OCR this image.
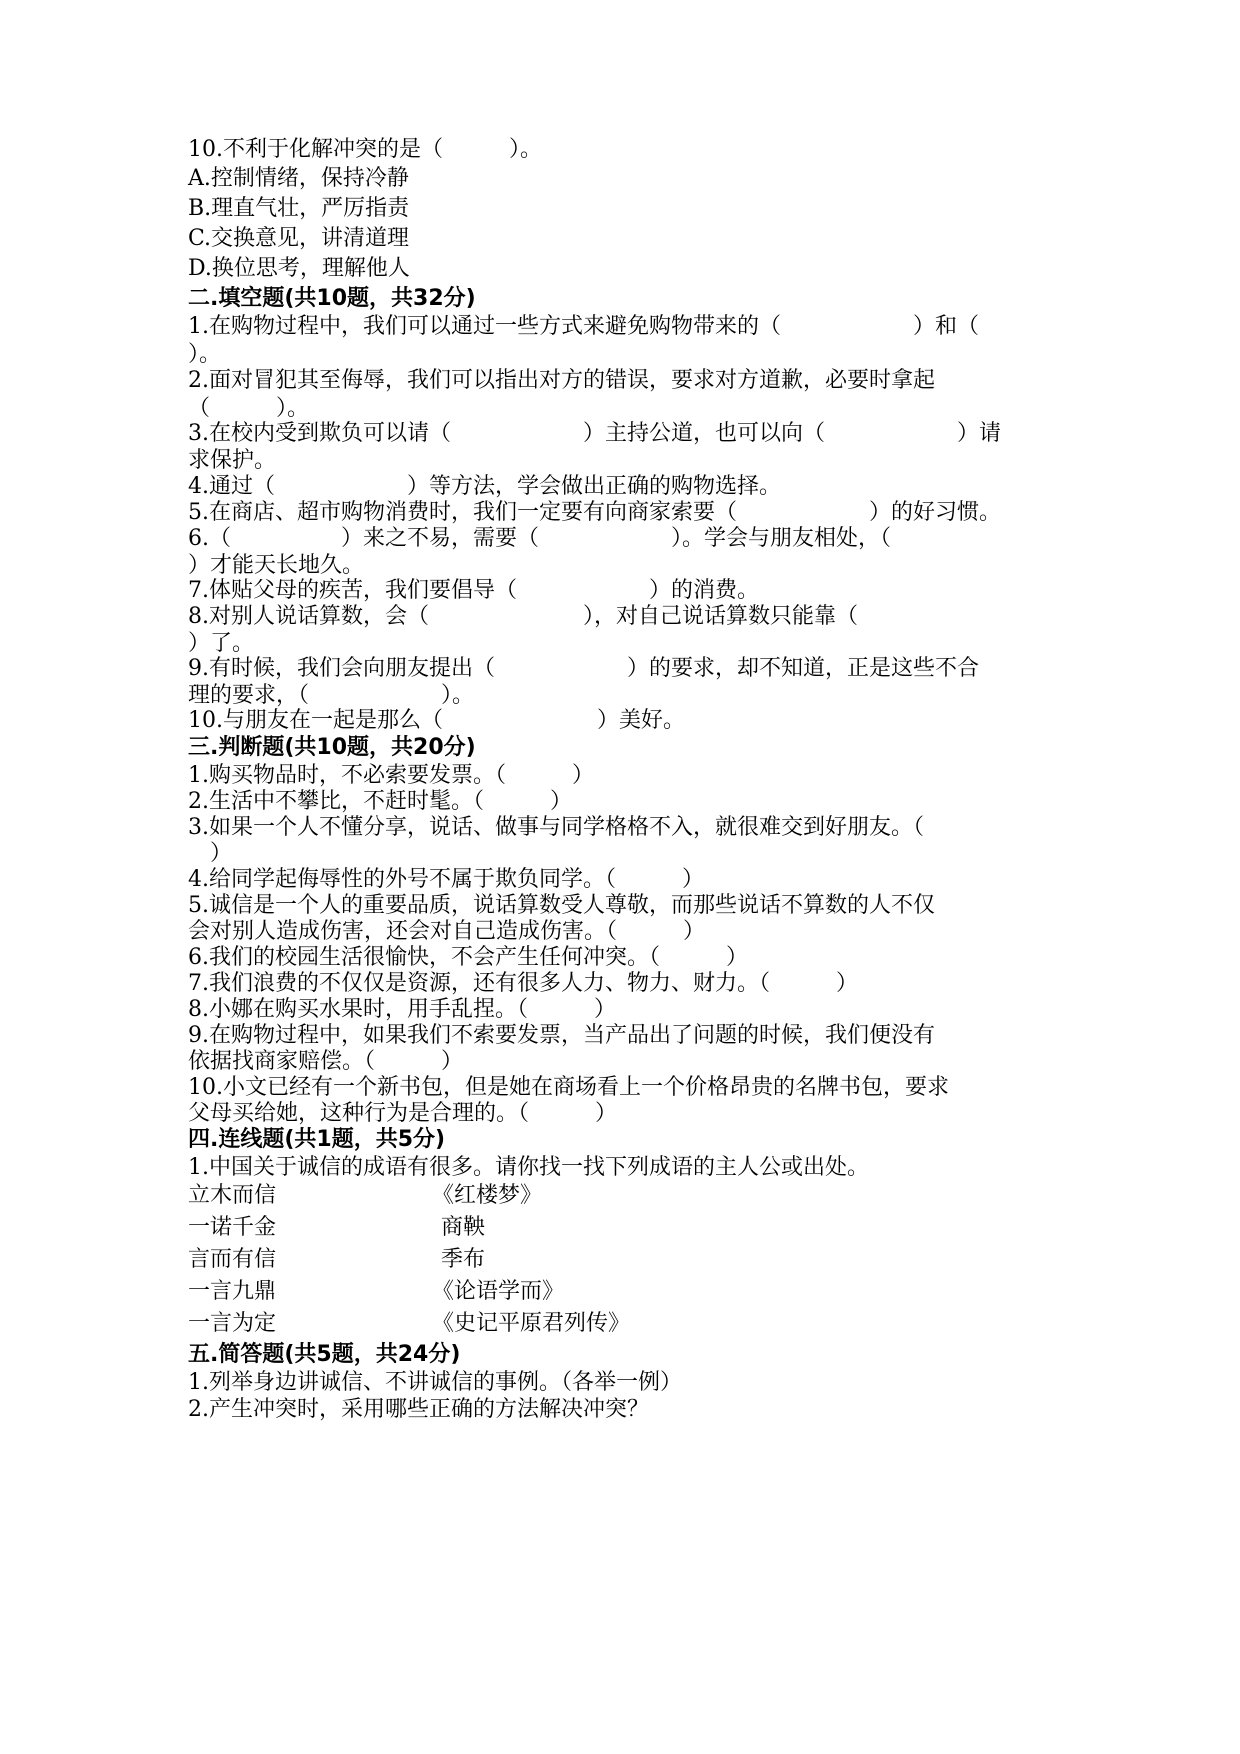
10.不利于化解冲突的是（　　　）。
A.控制情绪，保持冷静
B.理直气壮，严厉指责
C.交换意见，讲清道理
D.换位思考，理解他人
二.填空题(共10题，共32分)
1.在购物过程中，我们可以通过一些方式来避免购物带来的（　　　　　　）和（
）。
2.面对冒犯其至侮辱，我们可以指出对方的错误，要求对方道歉，必要时拿起
（　　　）。
3.在校内受到欺负可以请（　　　　　　）主持公道，也可以向（　　　　　　）请
求保护。
4.通过（　　　　　　）等方法，学会做出正确的购物选择。
5.在商店、超市购物消费时，我们一定要有向商家索要（　　　　　　）的好习惯。
6.（　　　　　）来之不易，需要（　　　　　　）。学会与朋友相处，（
）才能天长地久。
7.体贴父母的疾苦，我们要倡导（　　　　　　）的消费。
8.对别人说话算数，会（　　　　　　　），对自己说话算数只能靠（
）了。
9.有时候，我们会向朋友提出（　　　　　　）的要求，却不知道，正是这些不合
理的要求，（　　　　　　）。
10.与朋友在一起是那么（　　　　　　　）美好。
三.判断题(共10题，共20分)
1.购买物品时，不必索要发票。（　　　）
2.生活中不攀比，不赶时髦。（　　　）
3.如果一个人不懂分享，说话、做事与同学格格不入，就很难交到好朋友。（
　）
4.给同学起侮辱性的外号不属于欺负同学。（　　　）
5.诚信是一个人的重要品质，说话算数受人尊敬，而那些说话不算数的人不仅
会对别人造成伤害，还会对自己造成伤害。（　　　）
6.我们的校园生活很愉快，不会产生任何冲突。（　　　）
7.我们浪费的不仅仅是资源，还有很多人力、物力、财力。（　　　）
8.小娜在购买水果时，用手乱捏。（　　　）
9.在购物过程中，如果我们不索要发票，当产品出了问题的时候，我们便没有
依据找商家赔偿。（　　　）
10.小文已经有一个新书包，但是她在商场看上一个价格昂贵的名牌书包，要求
父母买给她，这种行为是合理的。（　　　）
四.连线题(共1题，共5分)
1.中国关于诚信的成语有很多。请你找一找下列成语的主人公或出处。
立木而信	《红楼梦》
一诺千金	商鞅
言而有信	季布
一言九鼎	《论语学而》
一言为定	《史记平原君列传》
五.简答题(共5题，共24分)
1.列举身边讲诚信、不讲诚信的事例。（各举一例）
2.产生冲突时，采用哪些正确的方法解决冲突？
